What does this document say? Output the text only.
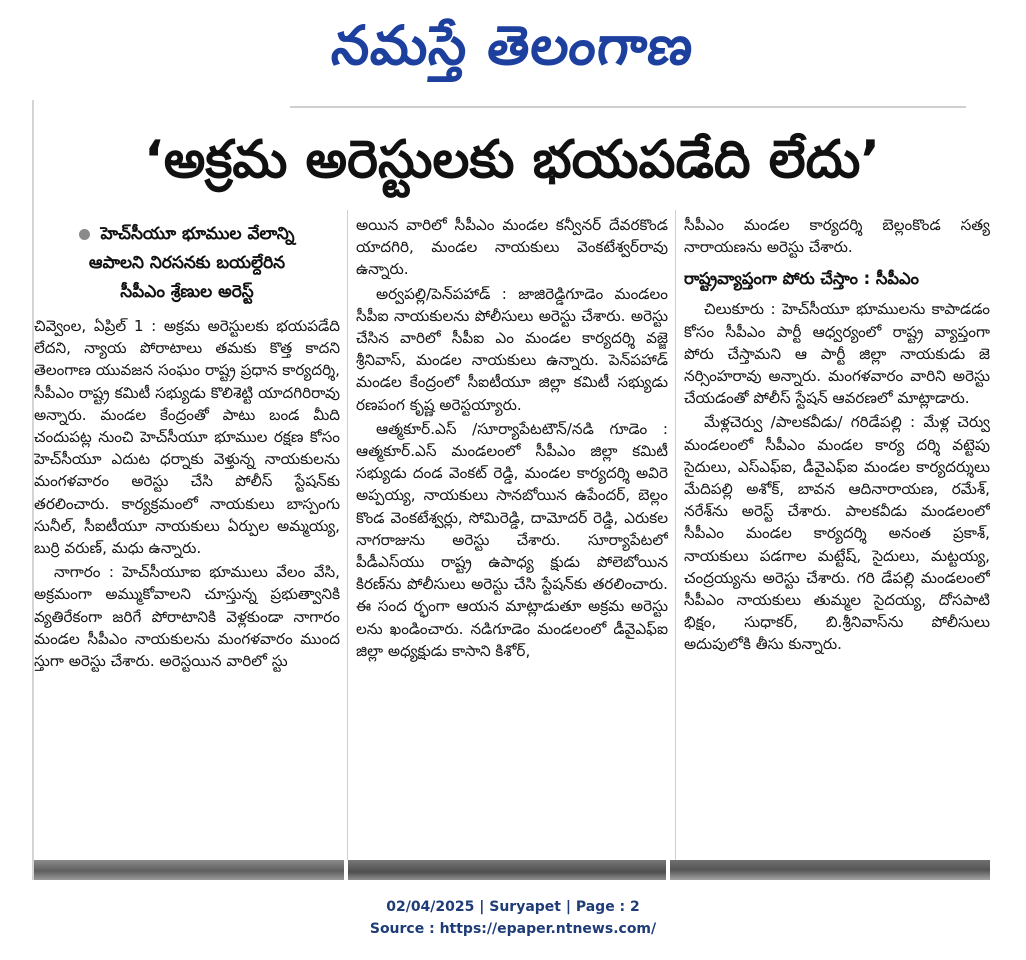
నమస్తే తెలంగాణ
‘అక్రమ అరెస్టులకు భయపడేది లేదు’
హెచ్‌సీయూ భూముల వేలాన్ని
ఆపాలని నిరసనకు బయల్దేరిన
సీపీఎం శ్రేణుల అరెస్ట్

చివ్వెంల, ఏప్రిల్‌ 1 : అక్రమ అరెస్టులకు భయపడేది లేదని, న్యాయ పోరాటాలు తమకు కొత్త కాదని తెలంగాణ యువజన సంఘం రాష్ట్ర ప్రధాన కార్యదర్శి, సీపీఎం రాష్ట్ర కమిటీ సభ్యుడు కొలిశెట్టి యాదగిరిరావు అన్నారు. మండల కేంద్రంతో పాటు బండ మీది చందుపట్ల నుంచి హెచ్‌సీయూ భూముల రక్షణ కోసం హెచ్‌సీయూ ఎదుట ధర్నాకు వెళ్తున్న నాయకులను మంగళవారం అరెస్టు చేసి పోలీస్‌ స్టేషన్‌కు తరలించారు. కార్యక్రమంలో నాయకులు బాస్పంగు సునీల్‌, సీఐటీయూ నాయకులు ఏర్పుల అమ్మయ్య, బుర్రి వరుణ్‌, మధు ఉన్నారు.

నాగారం : హెచ్‌సీయూఐ భూములు వేలం వేసి, అక్రమంగా అమ్ముకోవాలని చూస్తున్న ప్రభుత్వానికి వ్యతిరేకంగా జరిగే పోరాటానికి వెళ్లకుండా నాగారం మండల సీపీఎం నాయకులను మంగళవారం ముంద స్తుగా అరెస్టు చేశారు. అరెస్టయిన వారిలో స్టు

అయిన వారిలో సీపీఎం మండల కన్వీనర్‌ దేవరకొండ యాదగిరి, మండల నాయకులు వెంకటేశ్వర్‌రావు ఉన్నారు.

అర్వపల్లి/పెన్‌పహాడ్‌ : జాజిరెడ్డిగూడెం మండలం సీపీఐ నాయకులను పోలీసులు అరెస్టు చేశారు. అరెస్టు చేసిన వారిలో సీపీఐ ఎం మండల కార్యదర్శి వజ్జె శ్రీనివాస్‌, మండల నాయకులు ఉన్నారు. పెన్‌పహాడ్‌ మండల కేంద్రంలో సీఐటీయూ జిల్లా కమిటీ సభ్యుడు రణపంగ కృష్ణ అరెస్టయ్యారు.

ఆత్మకూర్‌.ఎస్‌ /సూర్యాపేటటౌన్‌/నడి గూడెం : ఆత్మకూర్‌.ఎస్‌ మండలంలో సీపీఎం జిల్లా కమిటీ సభ్యుడు దండ వెంకట్‌ రెడ్డి, మండల కార్యదర్శి అవిరె అప్పయ్య, నాయకులు సానబోయిన ఉపేందర్‌, బెల్లం కొండ వెంకటేశ్వర్లు, సోమిరెడ్డి, దామోదర్‌ రెడ్డి, ఎరుకల నాగరాజును అరెస్టు చేశారు. సూర్యాపేటలో పీడీఎస్‌యు రాష్ట్ర ఉపాధ్య క్షుడు పోలెబోయిన కిరణ్‌ను పోలీసులు అరెస్టు చేసి స్టేషన్‌కు తరలించారు. ఈ సంద ర్భంగా ఆయన మాట్లాడుతూ అక్రమ అరెస్టు లను ఖండించారు. నడిగూడెం మండలంలో డీవైఎఫ్‌ఐ జిల్లా అధ్యక్షుడు కాసాని కిశోర్‌,

సీపీఎం మండల కార్యదర్శి బెల్లంకొండ సత్య నారాయణను అరెస్టు చేశారు.

రాష్ట్రవ్యాప్తంగా పోరు చేస్తాం : సీపీఎం

చిలుకూరు : హెచ్‌సీయూ భూములను కాపాడడం కోసం సీపీఎం పార్టీ ఆధ్వర్యంలో రాష్ట్ర వ్యాప్తంగా పోరు చేస్తామని ఆ పార్టీ జిల్లా నాయకుడు జె నర్సింహరావు అన్నారు. మంగళవారం వారిని అరెస్టు చేయడంతో పోలీస్‌ స్టేషన్‌ ఆవరణలో మాట్లాడారు.

మేళ్లచెర్వు /పాలకవీడు/ గరిడేపల్లి : మేళ్ల చెర్వు మండలంలో సీపీఎం మండల కార్య దర్శి వట్టెపు సైదులు, ఎస్‌ఎఫ్‌ఐ, డీవైఎఫ్‌ఐ మండల కార్యదర్శులు మేదిపల్లి అశోక్‌, బావన ఆదినారాయణ, రమేశ్‌, నరేశ్‌ను అరెస్ట్‌ చేశారు. పాలకవీడు మండలంలో సీపీఎం మండల కార్యదర్శి అనంత ప్రకాశ్‌, నాయకులు పడగాల మట్టేష్‌, సైదులు, మట్టయ్య, చంద్రయ్యను అరెస్టు చేశారు. గరి డేపల్లి మండలంలో సీపీఎం నాయకులు తుమ్మల సైదయ్య, దోసపాటి భిక్షం, సుధాకర్‌, బి.శ్రీనివాస్‌ను పోలీసులు అదుపులోకి తీసు కున్నారు.

02/04/2025 | Suryapet | Page : 2
Source : https://epaper.ntnews.com/
